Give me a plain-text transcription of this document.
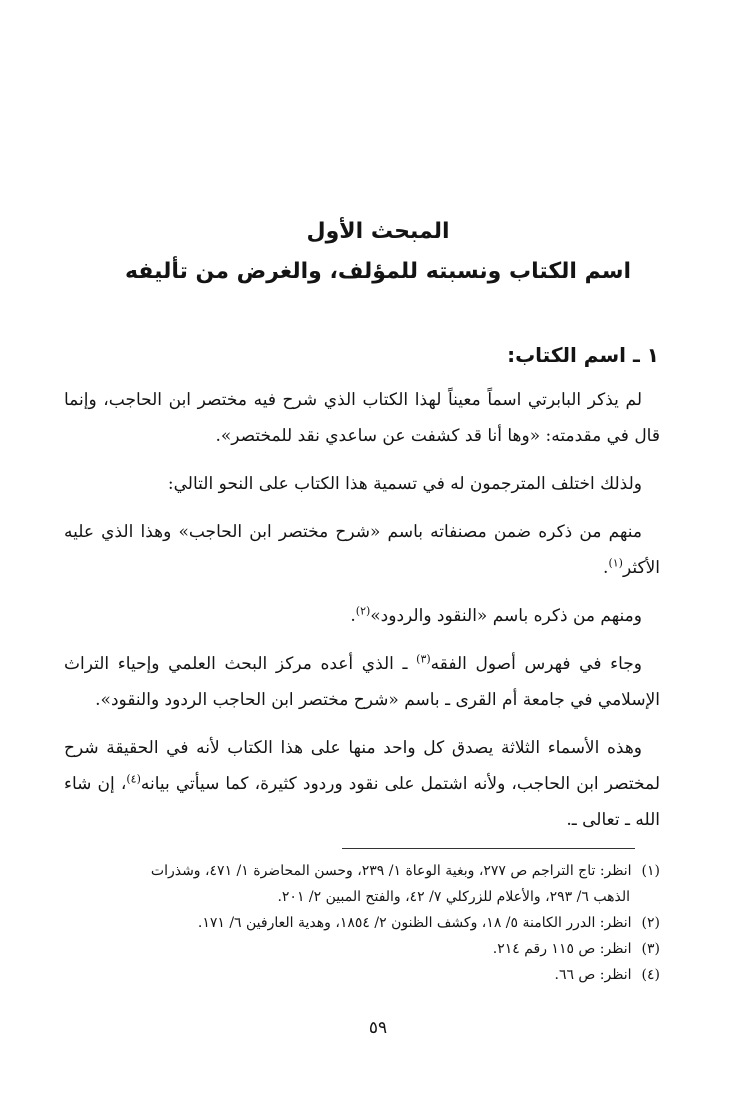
المبحث الأول

اسم الكتاب ونسبته للمؤلف، والغرض من تأليفه

١ ـ اسم الكتاب:

لم يذكر البابرتي اسماً معيناً لهذا الكتاب الذي شرح فيه مختصر ابن الحاجب، وإنما قال في مقدمته: «وها أنا قد كشفت عن ساعدي نقد للمختصر».

ولذلك اختلف المترجمون له في تسمية هذا الكتاب على النحو التالي:

منهم من ذكره ضمن مصنفاته باسم «شرح مختصر ابن الحاجب» وهذا الذي عليه الأكثر$^{(١)}$.

ومنهم من ذكره باسم «النقود والردود»$^{(٢)}$.

وجاء في فهرس أصول الفقه$^{(٣)}$ ـ الذي أعده مركز البحث العلمي وإحياء التراث الإسلامي في جامعة أم القرى ـ باسم «شرح مختصر ابن الحاجب الردود والنقود».

وهذه الأسماء الثلاثة يصدق كل واحد منها على هذا الكتاب لأنه في الحقيقة شرح لمختصر ابن الحاجب، ولأنه اشتمل على نقود وردود كثيرة، كما سيأتي بيانه$^{(٤)}$، إن شاء الله ـ تعالى ـ.

(١)انظر: تاج التراجم ص ٢٧٧، وبغية الوعاة ١/ ٢٣٩، وحسن المحاضرة ١/ ٤٧١، وشذرات

الذهب ٦/ ٢٩٣، والأعلام للزركلي ٧/ ٤٢، والفتح المبين ٢/ ٢٠١.

(٢)انظر: الدرر الكامنة ٥/ ١٨، وكشف الظنون ٢/ ١٨٥٤، وهدية العارفين ٦/ ١٧١.

(٣)انظر: ص ١١٥ رقم ٢١٤.

(٤)انظر: ص ٦٦.

٥٩
